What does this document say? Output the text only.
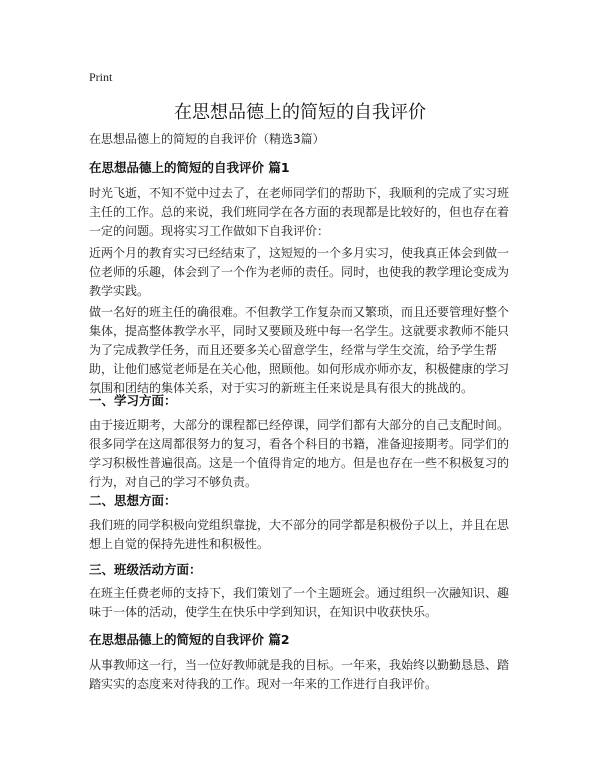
Print
在思想品德上的简短的自我评价

在思想品德上的简短的自我评价（精选3篇）

在思想品德上的简短的自我评价 篇1

时光飞逝，不知不觉中过去了，在老师同学们的帮助下，我顺利的完成了实习班主任的工作。总的来说，我们班同学在各方面的表现都是比较好的，但也存在着一定的问题。现将实习工作做如下自我评价：

近两个月的教育实习已经结束了，这短短的一个多月实习，使我真正体会到做一位老师的乐趣，体会到了一个作为老师的责任。同时，也使我的教学理论变成为教学实践。

做一名好的班主任的确很难。不但教学工作复杂而又繁琐，而且还要管理好整个集体，提高整体教学水平，同时又要顾及班中每一名学生。这就要求教师不能只为了完成教学任务，而且还要多关心留意学生，经常与学生交流，给予学生帮助，让他们感觉老师是在关心他，照顾他。如何形成亦师亦友，积极健康的学习氛围和团结的集体关系，对于实习的新班主任来说是具有很大的挑战的。

一、学习方面：

由于接近期考，大部分的课程都已经停课，同学们都有大部分的自己支配时间。很多同学在这周都很努力的复习，看各个科目的书籍，准备迎接期考。同学们的学习积极性普遍很高。这是一个值得肯定的地方。但是也存在一些不积极复习的行为，对自己的学习不够负责。

二、思想方面：

我们班的同学积极向党组织靠拢，大不部分的同学都是积极份子以上，并且在思想上自觉的保持先进性和积极性。

三、班级活动方面：

在班主任费老师的支持下，我们策划了一个主题班会。通过组织一次融知识、趣味于一体的活动，使学生在快乐中学到知识，在知识中收获快乐。

在思想品德上的简短的自我评价 篇2

从事教师这一行，当一位好教师就是我的目标。一年来，我始终以勤勤恳恳、踏踏实实的态度来对待我的工作。现对一年来的工作进行自我评价。
